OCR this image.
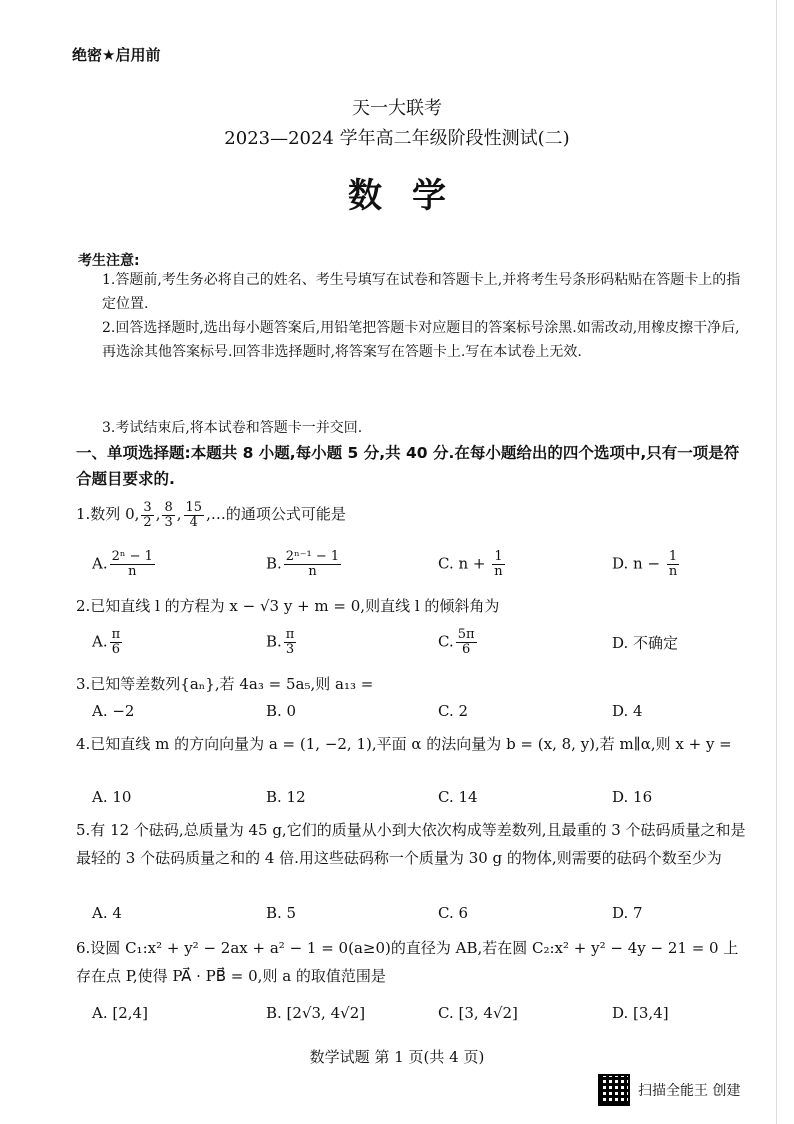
绝密★启用前
天一大联考
2023—2024 学年高二年级阶段性测试(二)
数学
考生注意:
1.答题前,考生务必将自己的姓名、考生号填写在试卷和答题卡上,并将考生号条形码粘贴在答题卡上的指定位置.
2.回答选择题时,选出每小题答案后,用铅笔把答题卡对应题目的答案标号涂黑.如需改动,用橡皮擦干净后,再选涂其他答案标号.回答非选择题时,将答案写在答题卡上.写在本试卷上无效.
3.考试结束后,将本试卷和答题卡一并交回.
一、单项选择题:本题共 8 小题,每小题 5 分,共 40 分.在每小题给出的四个选项中,只有一项是符合题目要求的.
1.数列 0, $\frac{3}{2}$ , $\frac{8}{3}$ , $\frac{15}{4}$ ,…的通项公式可能是
A. $\frac{\text{2ⁿ − 1}}{n}$	B. $\frac{\text{2ⁿ⁻¹ − 1}}{n}$	C. $n + \frac{1}{n}$	D. $n - \frac{1}{n}$
2.已知直线 l 的方程为 x − √3 y + m = 0,则直线 l 的倾斜角为
A. $\frac{\pi}{6}$	B. $\frac{\pi}{3}$	C. $\frac{5\pi}{6}$	D. 不确定
3.已知等差数列{aₙ},若 4a₃ = 5a₅,则 a₁₃ =
A. −2	B. 0	C. 2	D. 4
4.已知直线 m 的方向向量为 a = (1, −2, 1),平面 α 的法向量为 b = (x, 8, y),若 m∥α,则 x + y =
A. 10	B. 12	C. 14	D. 16
5.有 12 个砝码,总质量为 45 g,它们的质量从小到大依次构成等差数列,且最重的 3 个砝码质量之和是最轻的 3 个砝码质量之和的 4 倍.用这些砝码称一个质量为 30 g 的物体,则需要的砝码个数至少为
A. 4	B. 5	C. 6	D. 7
6.设圆 C₁:x² + y² − 2ax + a² − 1 = 0(a≥0)的直径为 AB,若在圆 C₂:x² + y² − 4y − 21 = 0 上存在点 P,使得 PA⃗ · PB⃗ = 0,则 a 的取值范围是
A. [2,4]	B. [2√3, 4√2]	C. [3, 4√2]	D. [3,4]
数学试题 第 1 页(共 4 页)
扫描全能王 创建
